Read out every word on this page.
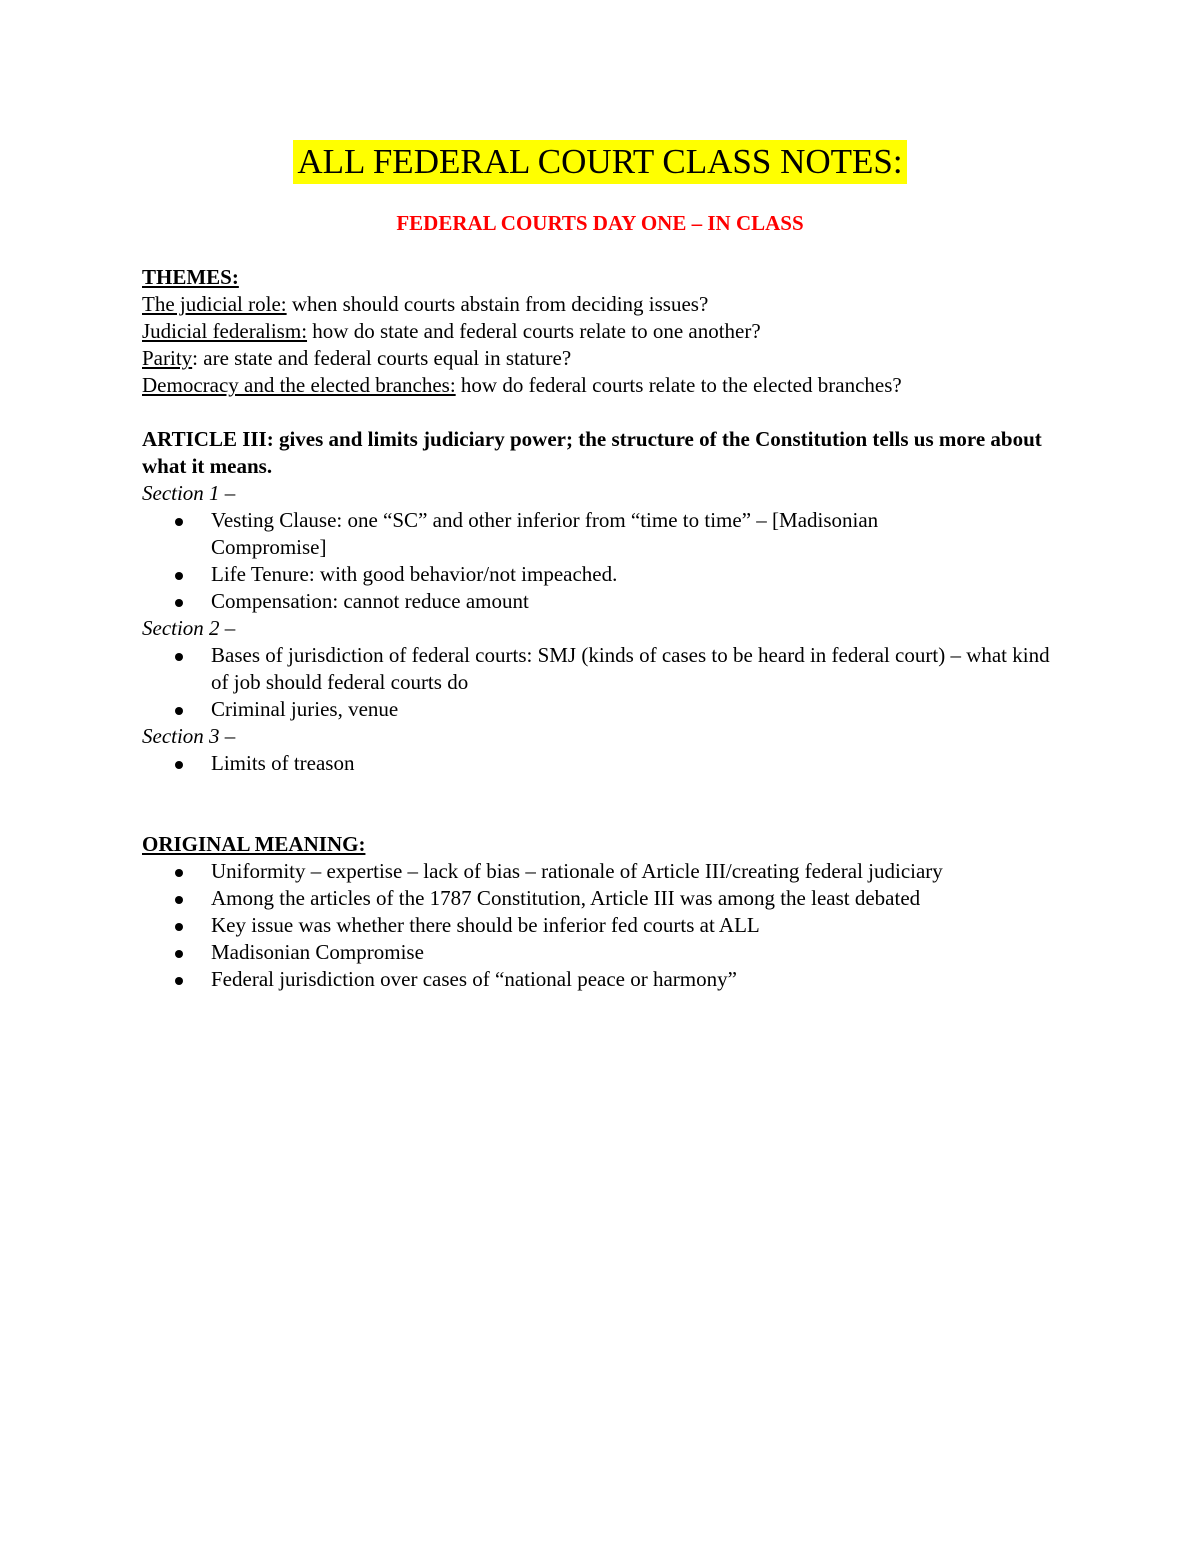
ALL FEDERAL COURT CLASS NOTES:
FEDERAL COURTS DAY ONE – IN CLASS

THEMES:

The judicial role: when should courts abstain from deciding issues?

Judicial federalism: how do state and federal courts relate to one another?

Parity: are state and federal courts equal in stature?

Democracy and the elected branches: how do federal courts relate to the elected branches?

ARTICLE III: gives and limits judiciary power; the structure of the Constitution tells us more about what it means.

Section 1 –

Vesting Clause: one “SC” and other inferior from “time to time” – [Madisonian Compromise]
Life Tenure: with good behavior/not impeached.
Compensation: cannot reduce amount

Section 2 –

Bases of jurisdiction of federal courts: SMJ (kinds of cases to be heard in federal court) – what kind of job should federal courts do
Criminal juries, venue

Section 3 –

Limits of treason

ORIGINAL MEANING:

Uniformity – expertise – lack of bias – rationale of Article III/creating federal judiciary
Among the articles of the 1787 Constitution, Article III was among the least debated
Key issue was whether there should be inferior fed courts at ALL
Madisonian Compromise
Federal jurisdiction over cases of “national peace or harmony”
